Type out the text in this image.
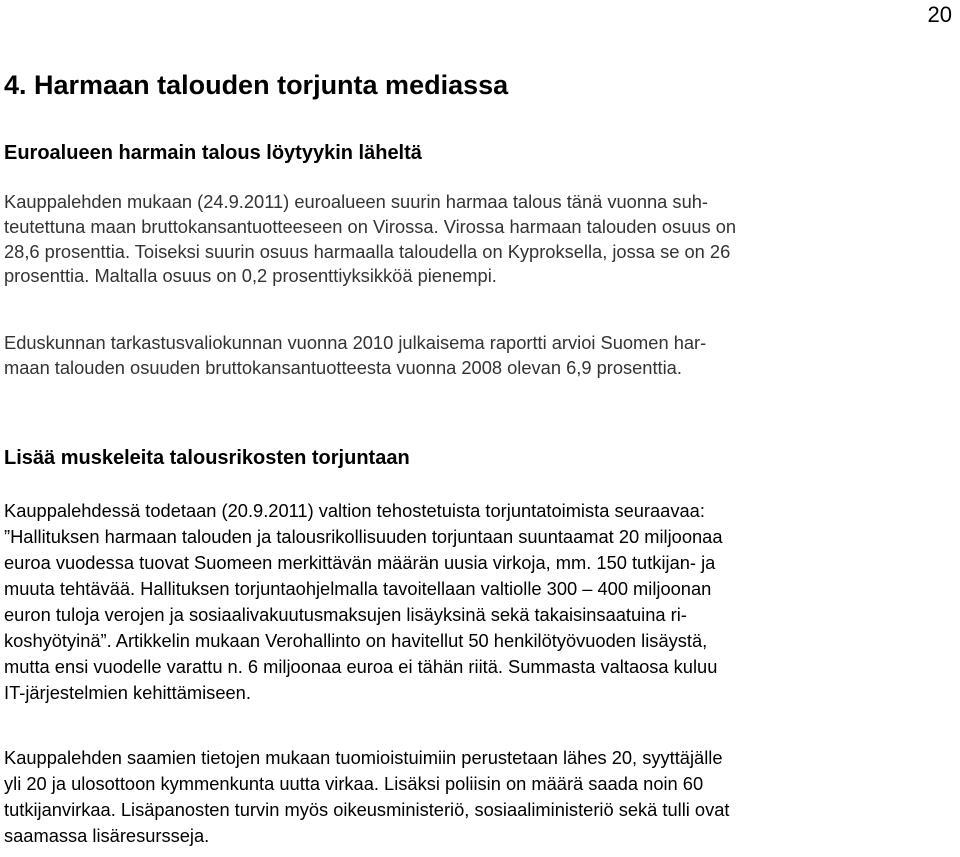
20
4. Harmaan talouden torjunta mediassa
Euroalueen harmain talous löytyykin läheltä
Kauppalehden mukaan (24.9.2011) euroalueen suurin harmaa talous tänä vuonna suh-
teutettuna maan bruttokansantuotteeseen on Virossa. Virossa harmaan talouden osuus on
28,6 prosenttia. Toiseksi suurin osuus harmaalla taloudella on Kyproksella, jossa se on 26
prosenttia. Maltalla osuus on 0,2 prosenttiyksikköä pienempi.
Eduskunnan tarkastusvaliokunnan vuonna 2010 julkaisema raportti arvioi Suomen har-
maan talouden osuuden bruttokansantuotteesta vuonna 2008 olevan 6,9 prosenttia.
Lisää muskeleita talousrikosten torjuntaan
Kauppalehdessä todetaan (20.9.2011) valtion tehostetuista torjuntatoimista seuraavaa:
”Hallituksen harmaan talouden ja talousrikollisuuden torjuntaan suuntaamat 20 miljoonaa
euroa vuodessa tuovat Suomeen merkittävän määrän uusia virkoja, mm. 150 tutkijan- ja
muuta tehtävää. Hallituksen torjuntaohjelmalla tavoitellaan valtiolle 300 – 400 miljoonan
euron tuloja verojen ja sosiaalivakuutusmaksujen lisäyksinä sekä takaisinsaatuina ri-
koshyötyinä”. Artikkelin mukaan Verohallinto on havitellut 50 henkilötyövuoden lisäystä,
mutta ensi vuodelle varattu n. 6 miljoonaa euroa ei tähän riitä. Summasta valtaosa kuluu
IT-järjestelmien kehittämiseen.
Kauppalehden saamien tietojen mukaan tuomioistuimiin perustetaan lähes 20, syyttäjälle
yli 20 ja ulosottoon kymmenkunta uutta virkaa. Lisäksi poliisin on määrä saada noin 60
tutkijanvirkaa. Lisäpanosten turvin myös oikeusministeriö, sosiaaliministeriö sekä tulli ovat
saamassa lisäresursseja.
